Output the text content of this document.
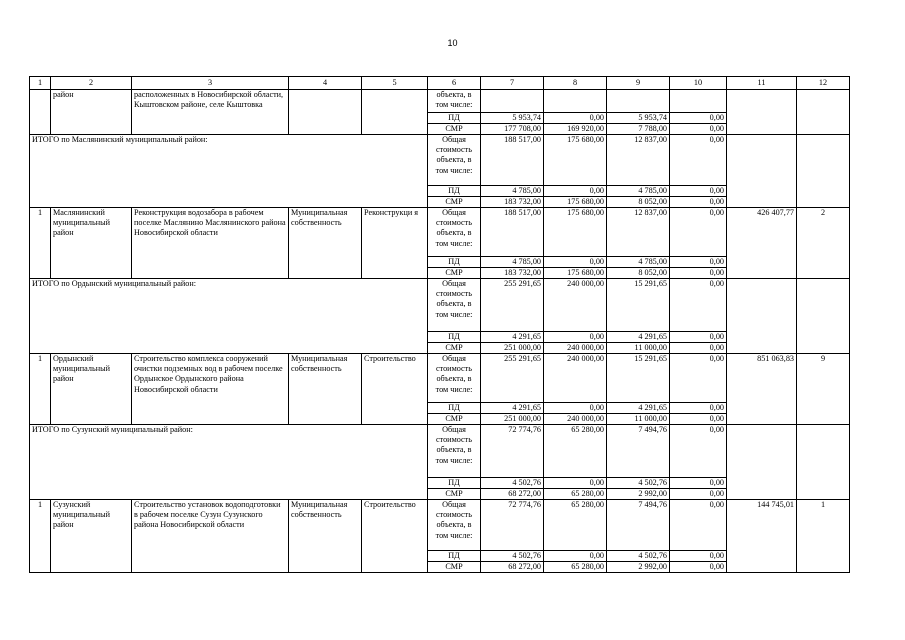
10
1	2	3	4	5	6	7	8	9	10	11	12
	район	расположенных в Новосибирской области, Кыштовском районе, селе Кыштовка			объекта, в
том числе:						

					ПД	5 953,74	0,00	5 953,74	0,00		
					СМР	177 708,00	169 920,00	7 788,00	0,00		
ИТОГО по Маслянинский муниципальный район:					Общая
стоимость
объекта, в
том числе:	188 517,00	175 680,00	12 837,00	0,00		
					ПД	4 785,00	0,00	4 785,00	0,00		
					СМР	183 732,00	175 680,00	8 052,00	0,00		
1	Маслянинский муниципальный район	Реконструкция водозабора в рабочем поселке Маслянино Маслянинского района Новосибирской области	Муниципальная собственность	Реконструкци я	Общая
стоимость
объекта, в
том числе:	188 517,00	175 680,00	12 837,00	0,00	426 407,77	2
					ПД	4 785,00	0,00	4 785,00	0,00		
					СМР	183 732,00	175 680,00	8 052,00	0,00		
ИТОГО по Ордынский муниципальный район:					Общая
стоимость
объекта, в
том числе:	255 291,65	240 000,00	15 291,65	0,00		
					ПД	4 291,65	0,00	4 291,65	0,00		
					СМР	251 000,00	240 000,00	11 000,00	0,00		
1	Ордынский муниципальный район	Строительство комплекса сооружений очистки подземных вод в рабочем поселке Ордынское Ордынского района Новосибирской области	Муниципальная собственность	Строительство	Общая
стоимость
объекта, в
том числе:	255 291,65	240 000,00	15 291,65	0,00	851 063,83	9
					ПД	4 291,65	0,00	4 291,65	0,00		
					СМР	251 000,00	240 000,00	11 000,00	0,00		
ИТОГО по Сузунский муниципальный район:					Общая
стоимость
объекта, в
том числе:	72 774,76	65 280,00	7 494,76	0,00		
					ПД	4 502,76	0,00	4 502,76	0,00		
					СМР	68 272,00	65 280,00	2 992,00	0,00		
1	Сузунский муниципальный район	Строительство установок водоподготовки в рабочем поселке Сузун Сузунского района Новосибирской области	Муниципальная собственность	Строительство	Общая
стоимость
объекта, в
том числе:	72 774,76	65 280,00	7 494,76	0,00	144 745,01	1
					ПД	4 502,76	0,00	4 502,76	0,00		
					СМР	68 272,00	65 280,00	2 992,00	0,00		
